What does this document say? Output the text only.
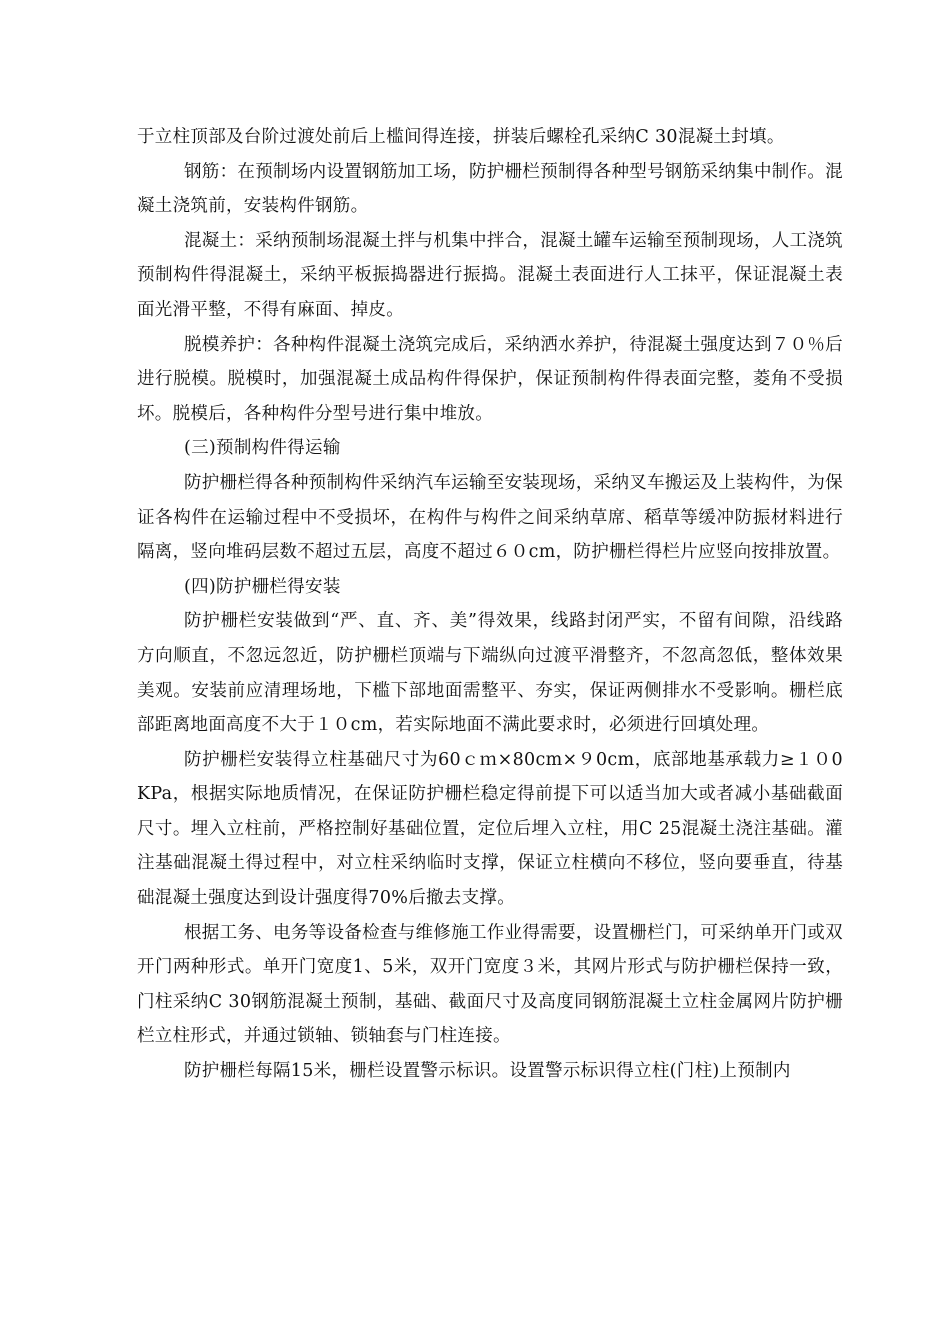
于立柱顶部及台阶过渡处前后上槛间得连接，拼装后螺栓孔采纳C 30混凝土封填。

钢筋：在预制场内设置钢筋加工场，防护栅栏预制得各种型号钢筋采纳集中制作。混凝土浇筑前，安装构件钢筋。

混凝土：采纳预制场混凝土拌与机集中拌合，混凝土罐车运输至预制现场，人工浇筑预制构件得混凝土，采纳平板振捣器进行振捣。混凝土表面进行人工抹平，保证混凝土表面光滑平整，不得有麻面、掉皮。

脱模养护：各种构件混凝土浇筑完成后，采纳洒水养护，待混凝土强度达到７０％后进行脱模。脱模时，加强混凝土成品构件得保护，保证预制构件得表面完整，菱角不受损坏。脱模后，各种构件分型号进行集中堆放。

(三)预制构件得运输

防护栅栏得各种预制构件采纳汽车运输至安装现场，采纳叉车搬运及上装构件，为保证各构件在运输过程中不受损坏，在构件与构件之间采纳草席、稻草等缓冲防振材料进行隔离，竖向堆码层数不超过五层，高度不超过６０cm，防护栅栏得栏片应竖向按排放置。

(四)防护栅栏得安装

防护栅栏安装做到“严、直、齐、美”得效果，线路封闭严实，不留有间隙，沿线路方向顺直，不忽远忽近，防护栅栏顶端与下端纵向过渡平滑整齐，不忽高忽低，整体效果美观。安装前应清理场地，下槛下部地面需整平、夯实，保证两侧排水不受影响。栅栏底部距离地面高度不大于１０cm，若实际地面不满此要求时，必须进行回填处理。

防护栅栏安装得立柱基础尺寸为60ｃｍ×80cm×９0cm，底部地基承载力≥１０0KPa，根据实际地质情况，在保证防护栅栏稳定得前提下可以适当加大或者减小基础截面尺寸。埋入立柱前，严格控制好基础位置，定位后埋入立柱，用C 25混凝土浇注基础。灌注基础混凝土得过程中，对立柱采纳临时支撑，保证立柱横向不移位，竖向要垂直，待基础混凝土强度达到设计强度得70%后撤去支撑。

根据工务、电务等设备检查与维修施工作业得需要，设置栅栏门，可采纳单开门或双开门两种形式。单开门宽度1、5米，双开门宽度３米，其网片形式与防护栅栏保持一致，门柱采纳C 30钢筋混凝土预制，基础、截面尺寸及高度同钢筋混凝土立柱金属网片防护栅栏立柱形式，并通过锁轴、锁轴套与门柱连接。

防护栅栏每隔15米，栅栏设置警示标识。设置警示标识得立柱(门柱)上预制内
